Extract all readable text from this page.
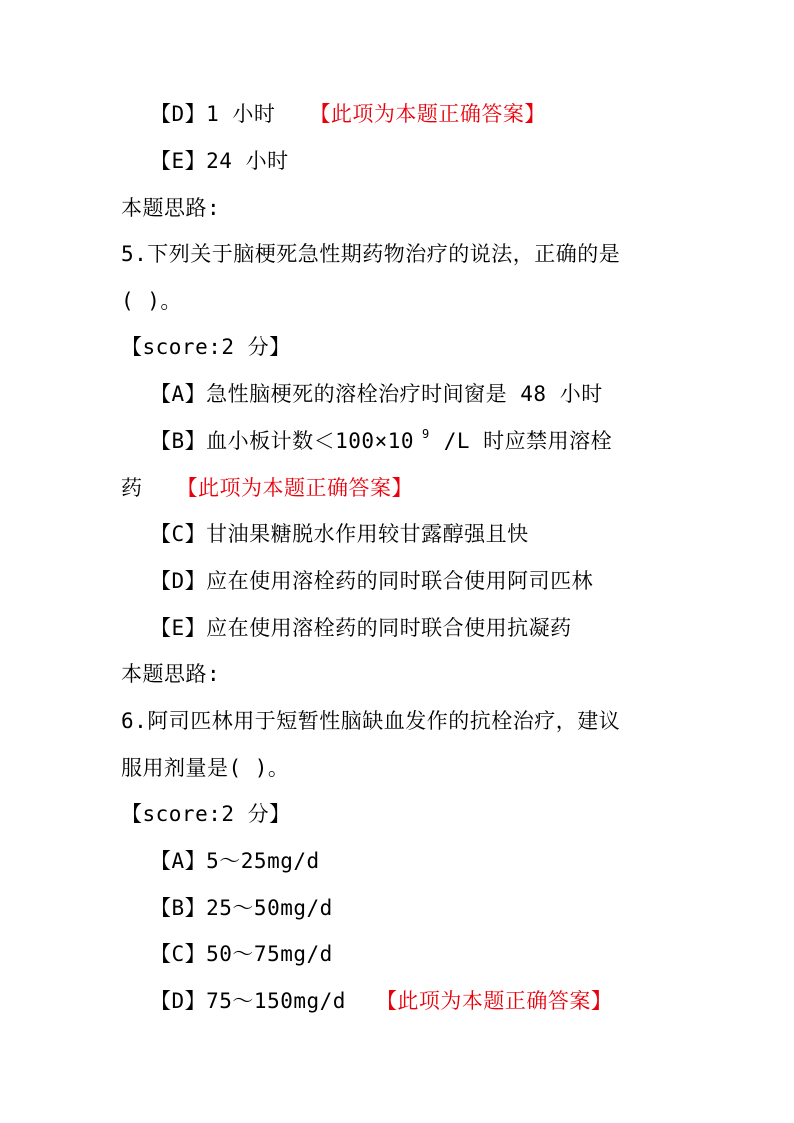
【D】1 小时 【此项为本题正确答案】
【E】24 小时
本题思路:
5.下列关于脑梗死急性期药物治疗的说法，正确的是
( )。
【score:2 分】
【A】急性脑梗死的溶栓治疗时间窗是 48 小时
【B】血小板计数＜100×10 $^9$ /L 时应禁用溶栓
药 【此项为本题正确答案】
【C】甘油果糖脱水作用较甘露醇强且快
【D】应在使用溶栓药的同时联合使用阿司匹林
【E】应在使用溶栓药的同时联合使用抗凝药
本题思路:
6.阿司匹林用于短暂性脑缺血发作的抗栓治疗，建议
服用剂量是( )。
【score:2 分】
【A】5～25mg/d
【B】25～50mg/d
【C】50～75mg/d
【D】75～150mg/d 【此项为本题正确答案】
